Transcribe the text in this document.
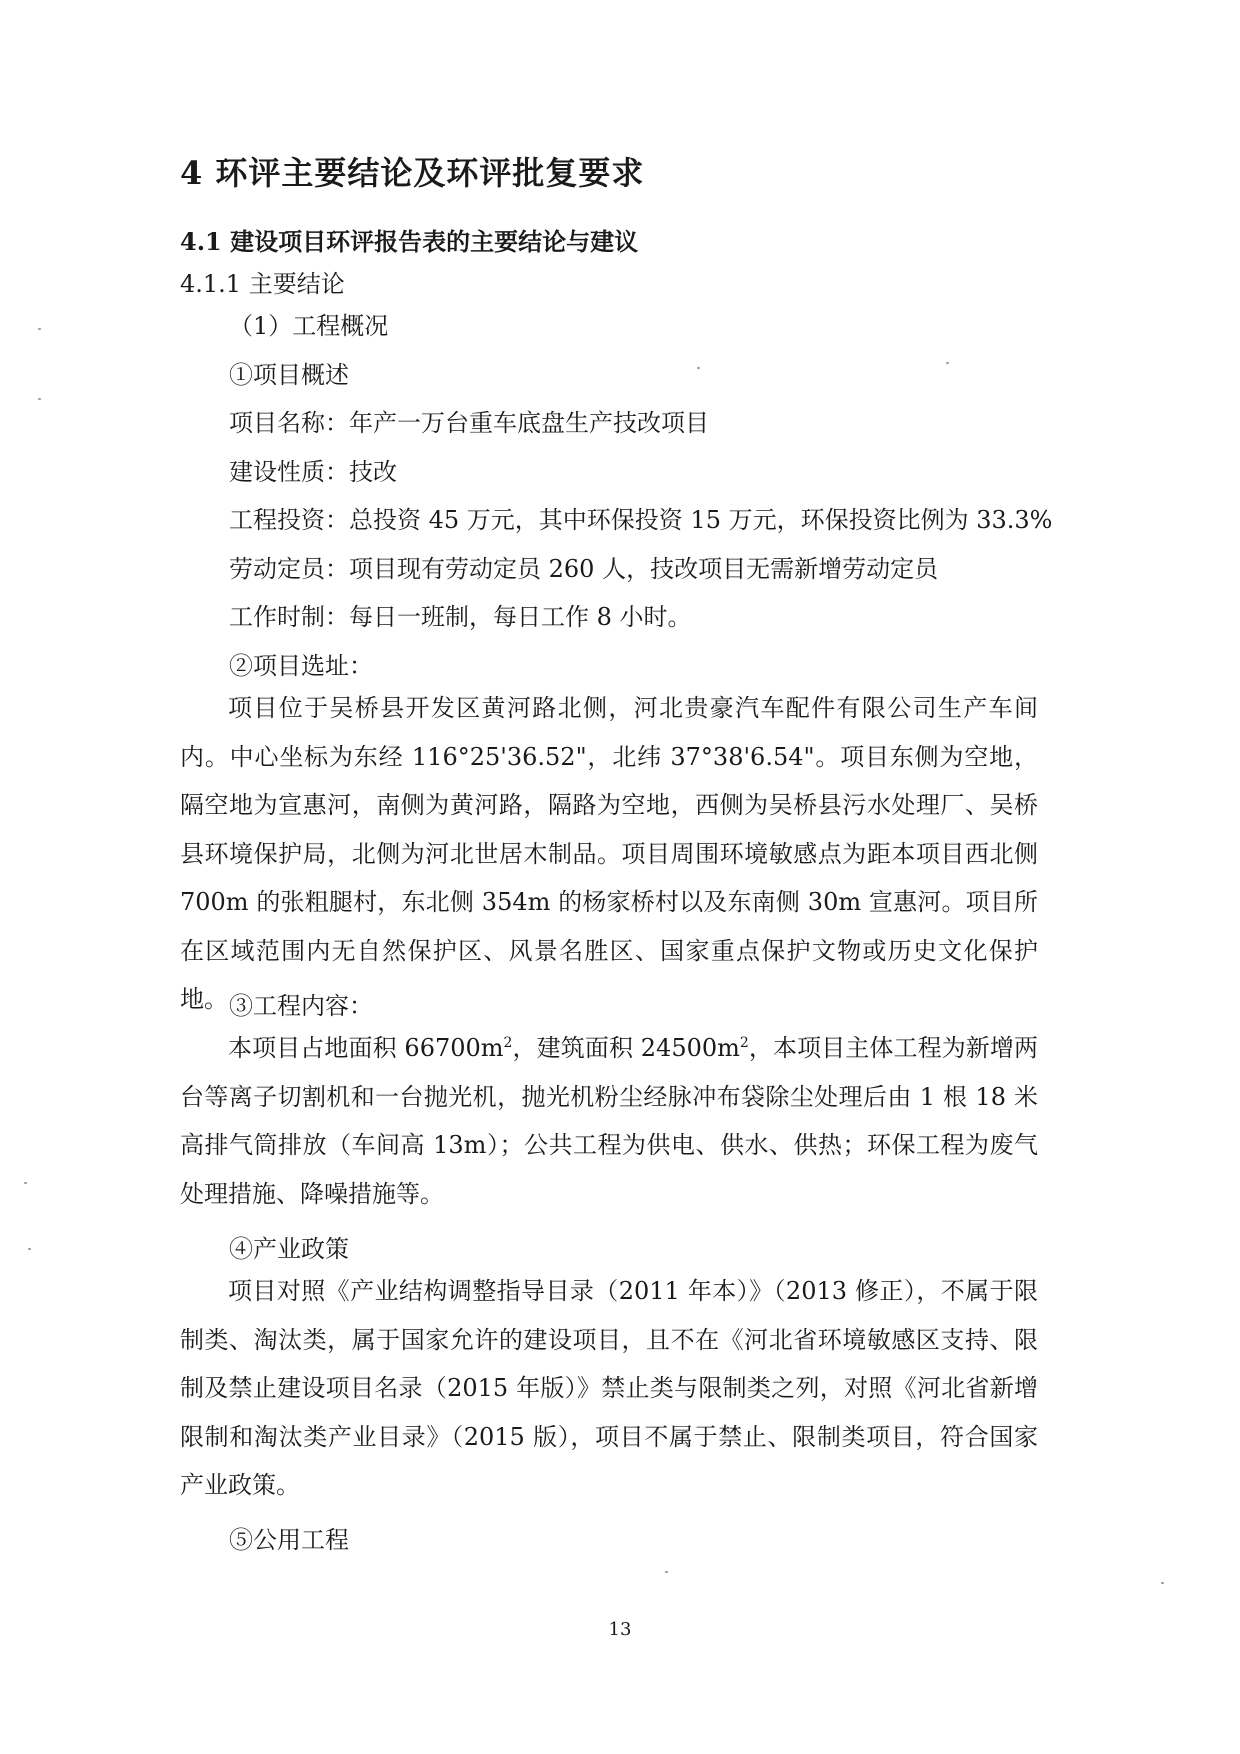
4 环评主要结论及环评批复要求
4.1 建设项目环评报告表的主要结论与建议
4.1.1 主要结论
（1）工程概况
①项目概述
项目名称：年产一万台重车底盘生产技改项目
建设性质：技改
工程投资：总投资 45 万元，其中环保投资 15 万元，环保投资比例为 33.3%
劳动定员：项目现有劳动定员 260 人，技改项目无需新增劳动定员
工作时制：每日一班制，每日工作 8 小时。
②项目选址：

项目位于吴桥县开发区黄河路北侧，河北贵豪汽车配件有限公司生产车间内。中心坐标为东经 116°25'36.52"，北纬 37°38'6.54"。项目东侧为空地，隔空地为宣惠河，南侧为黄河路，隔路为空地，西侧为吴桥县污水处理厂、吴桥县环境保护局，北侧为河北世居木制品。项目周围环境敏感点为距本项目西北侧 700m 的张粗腿村，东北侧 354m 的杨家桥村以及东南侧 30m 宣惠河。项目所在区域范围内无自然保护区、风景名胜区、国家重点保护文物或历史文化保护地。 ③工程内容：

本项目占地面积 $66700m^2$，建筑面积 $24500m^2$，本项目主体工程为新增两台等离子切割机和一台抛光机，抛光机粉尘经脉冲布袋除尘处理后由 1 根 18 米高排气筒排放（车间高 13m）；公共工程为供电、供水、供热；环保工程为废气处理措施、降噪措施等。

④产业政策

项目对照《产业结构调整指导目录（2011 年本）》（2013 修正），不属于限制类、淘汰类，属于国家允许的建设项目，且不在《河北省环境敏感区支持、限制及禁止建设项目名录（2015 年版）》禁止类与限制类之列，对照《河北省新增限制和淘汰类产业目录》（2015 版），项目不属于禁止、限制类项目，符合国家产业政策。

⑤公用工程
13
